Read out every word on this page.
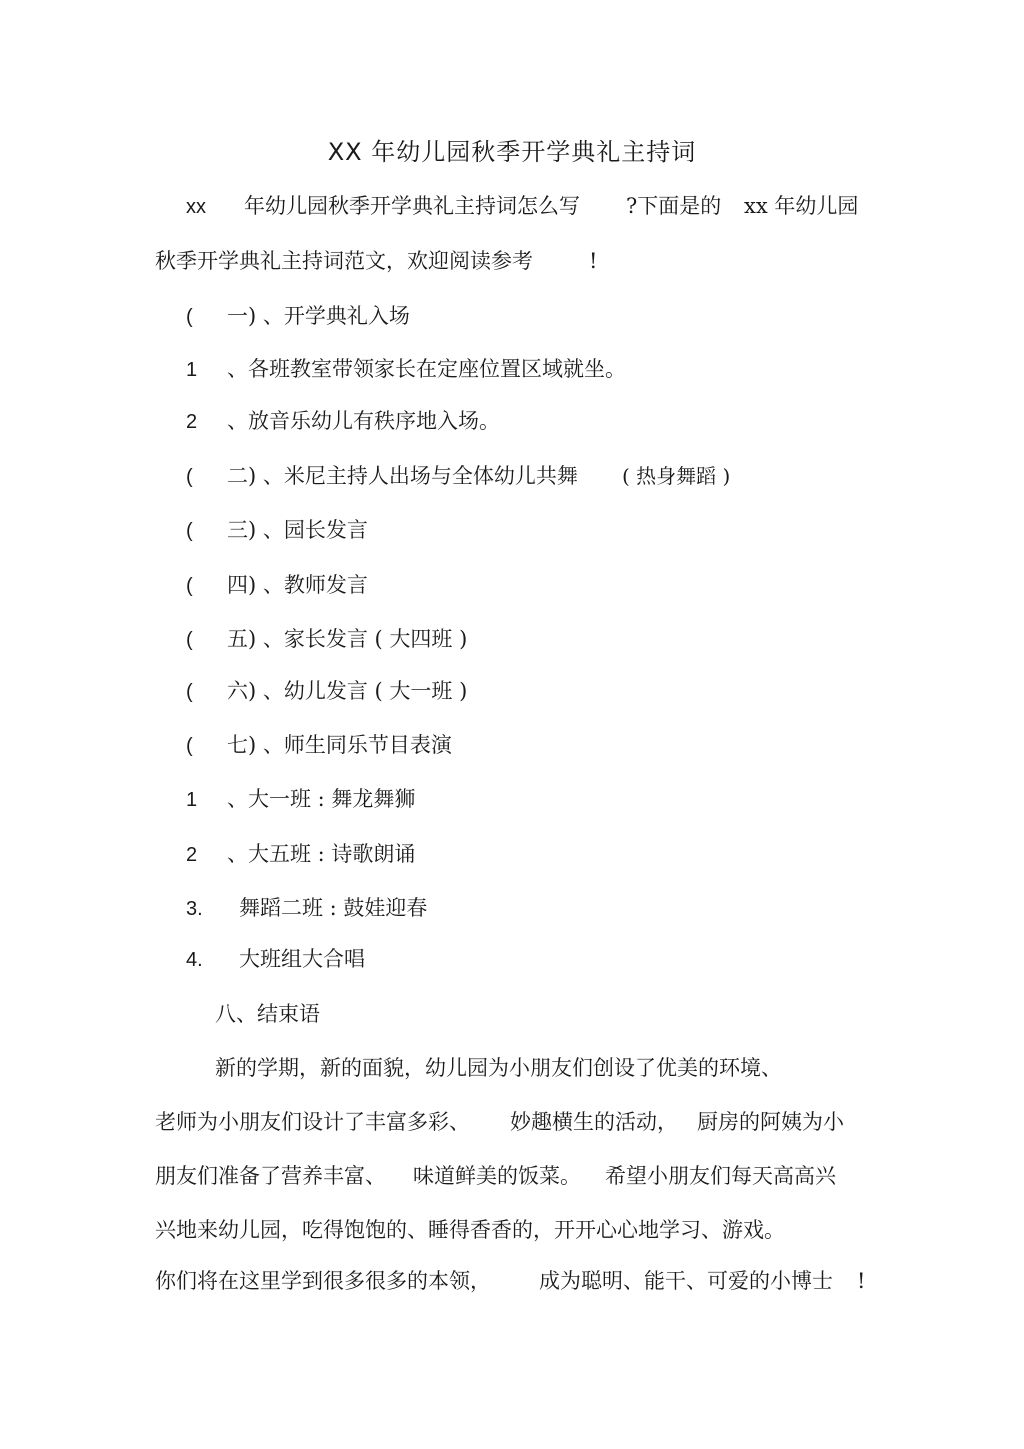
XX 年幼儿园秋季开学典礼主持词
xx 年幼儿园秋季开学典礼主持词怎么写 ?下面是的 xx 年幼儿园
秋季开学典礼主持词范文，欢迎阅读参考	!
( 一) 、开学典礼入场
1 、各班教室带领家长在定座位置区域就坐。
2 、放音乐幼儿有秩序地入场。
( 二) 、米尼主持人出场与全体幼儿共舞 ( 热身舞蹈 )
( 三) 、园长发言
( 四) 、教师发言
( 五) 、家长发言 ( 大四班 )
( 六) 、幼儿发言 ( 大一班 )
( 七) 、师生同乐节目表演
1 、大一班 : 舞龙舞狮
2 、大五班 : 诗歌朗诵
3. 舞蹈二班 : 鼓娃迎春
4. 大班组大合唱
八、结束语
新的学期，新的面貌，幼儿园为小朋友们创设了优美的环境、
老师为小朋友们设计了丰富多彩、 妙趣横生的活动， 厨房的阿姨为小
朋友们准备了营养丰富、 味道鲜美的饭菜。 希望小朋友们每天高高兴
兴地来幼儿园，吃得饱饱的、睡得香香的，开开心心地学习、游戏。
你们将在这里学到很多很多的本领， 成为聪明、能干、可爱的小博士 !
